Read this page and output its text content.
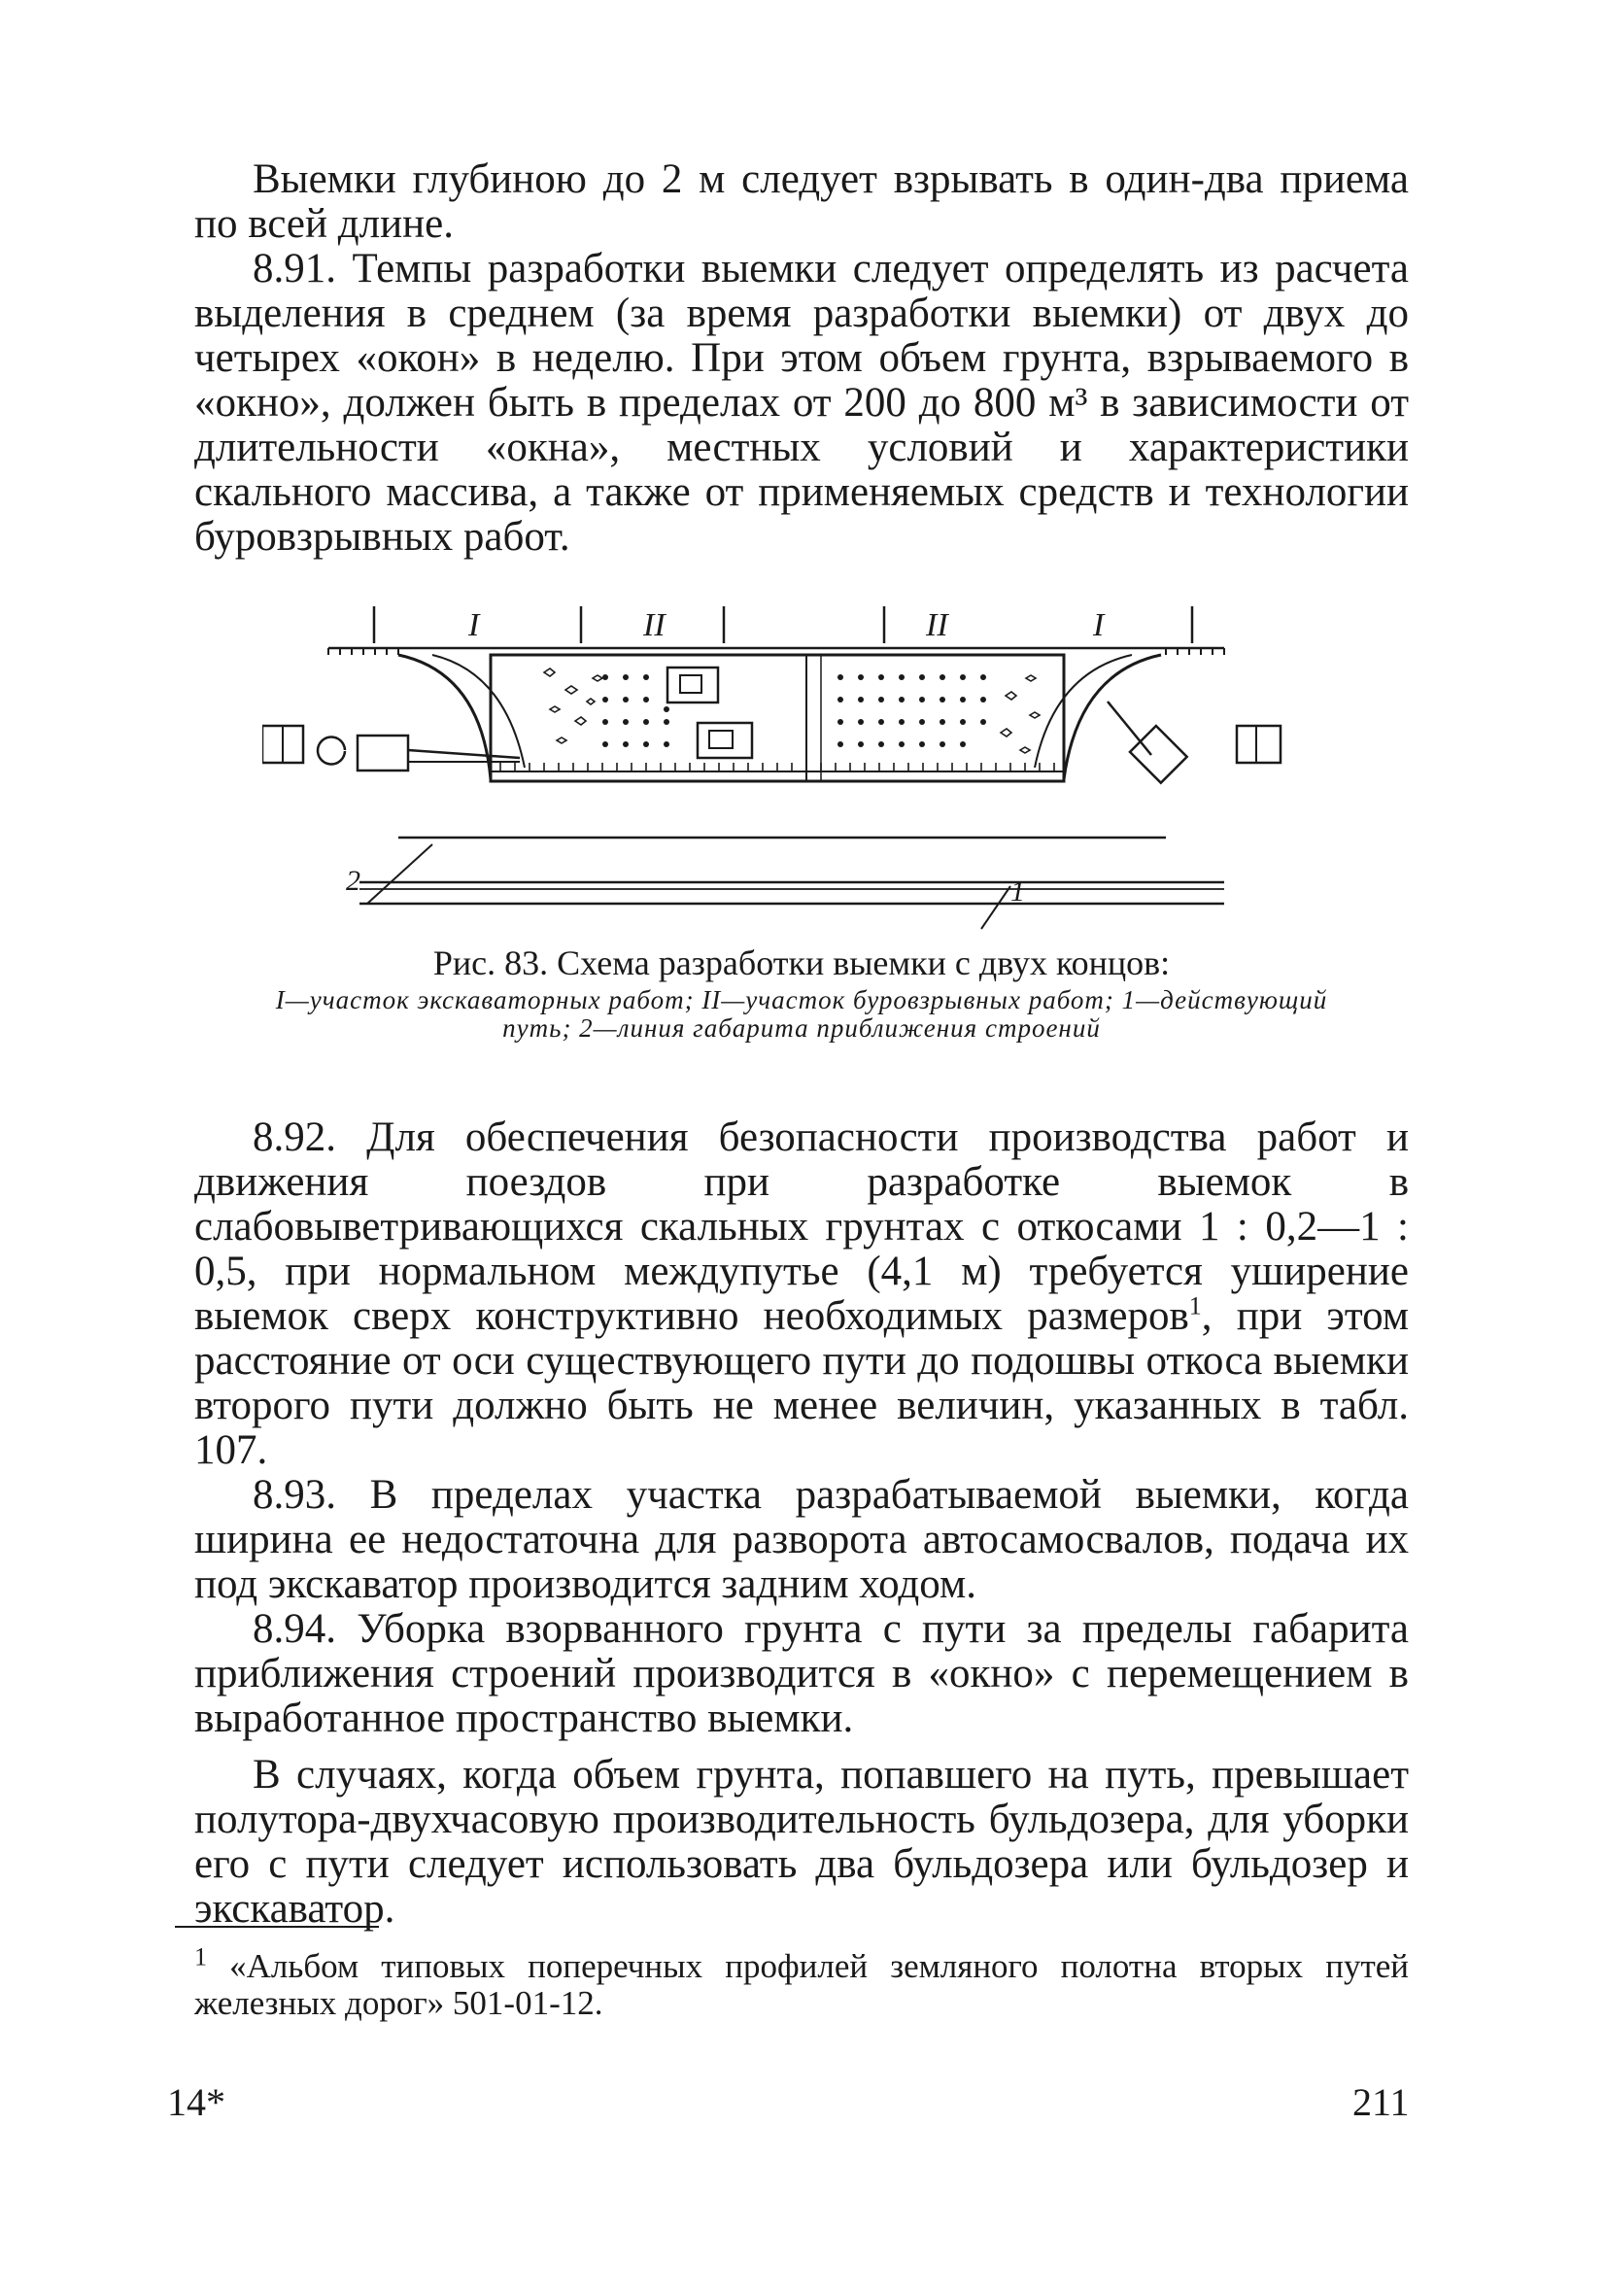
Выемки глубиною до 2 м следует взрывать в один-два приема по всей длине.

8.91. Темпы разработки выемки следует определять из расчета выделения в среднем (за время разработки выемки) от двух до четырех «окон» в неделю. При этом объем грунта, взрываемого в «окно», должен быть в пределах от 200 до 800 м³ в зависимости от длительности «окна», местных условий и характеристики скального массива, а также от применяемых средств и технологии буровзрывных работ.

I	II	II	I
2	1
Рис. 83. Схема разработки выемки с двух концов:
I—участок экскаваторных работ; II—участок буровзрывных работ; 1—действующий
путь; 2—линия габарита приближения строений

8.92. Для обеспечения безопасности производства работ и движения поездов при разработке выемок в слабовыветривающихся скальных грунтах с откосами 1 : 0,2—1 : 0,5, при нормальном междупутье (4,1 м) требуется уширение выемок сверх конструктивно необходимых размеров$^1$, при этом расстояние от оси существующего пути до подошвы откоса выемки второго пути должно быть не менее величин, указанных в табл. 107.

8.93. В пределах участка разрабатываемой выемки, когда ширина ее недостаточна для разворота автосамосвалов, подача их под экскаватор производится задним ходом.

8.94. Уборка взорванного грунта с пути за пределы габарита приближения строений производится в «окно» с перемещением в выработанное пространство выемки.

В случаях, когда объем грунта, попавшего на путь, превышает полутора-двухчасовую производительность бульдозера, для уборки его с пути следует использовать два бульдозера или бульдозер и экскаватор.

$^1$ «Альбом типовых поперечных профилей земляного полотна вторых путей железных дорог» 501-01-12.
14*	211
